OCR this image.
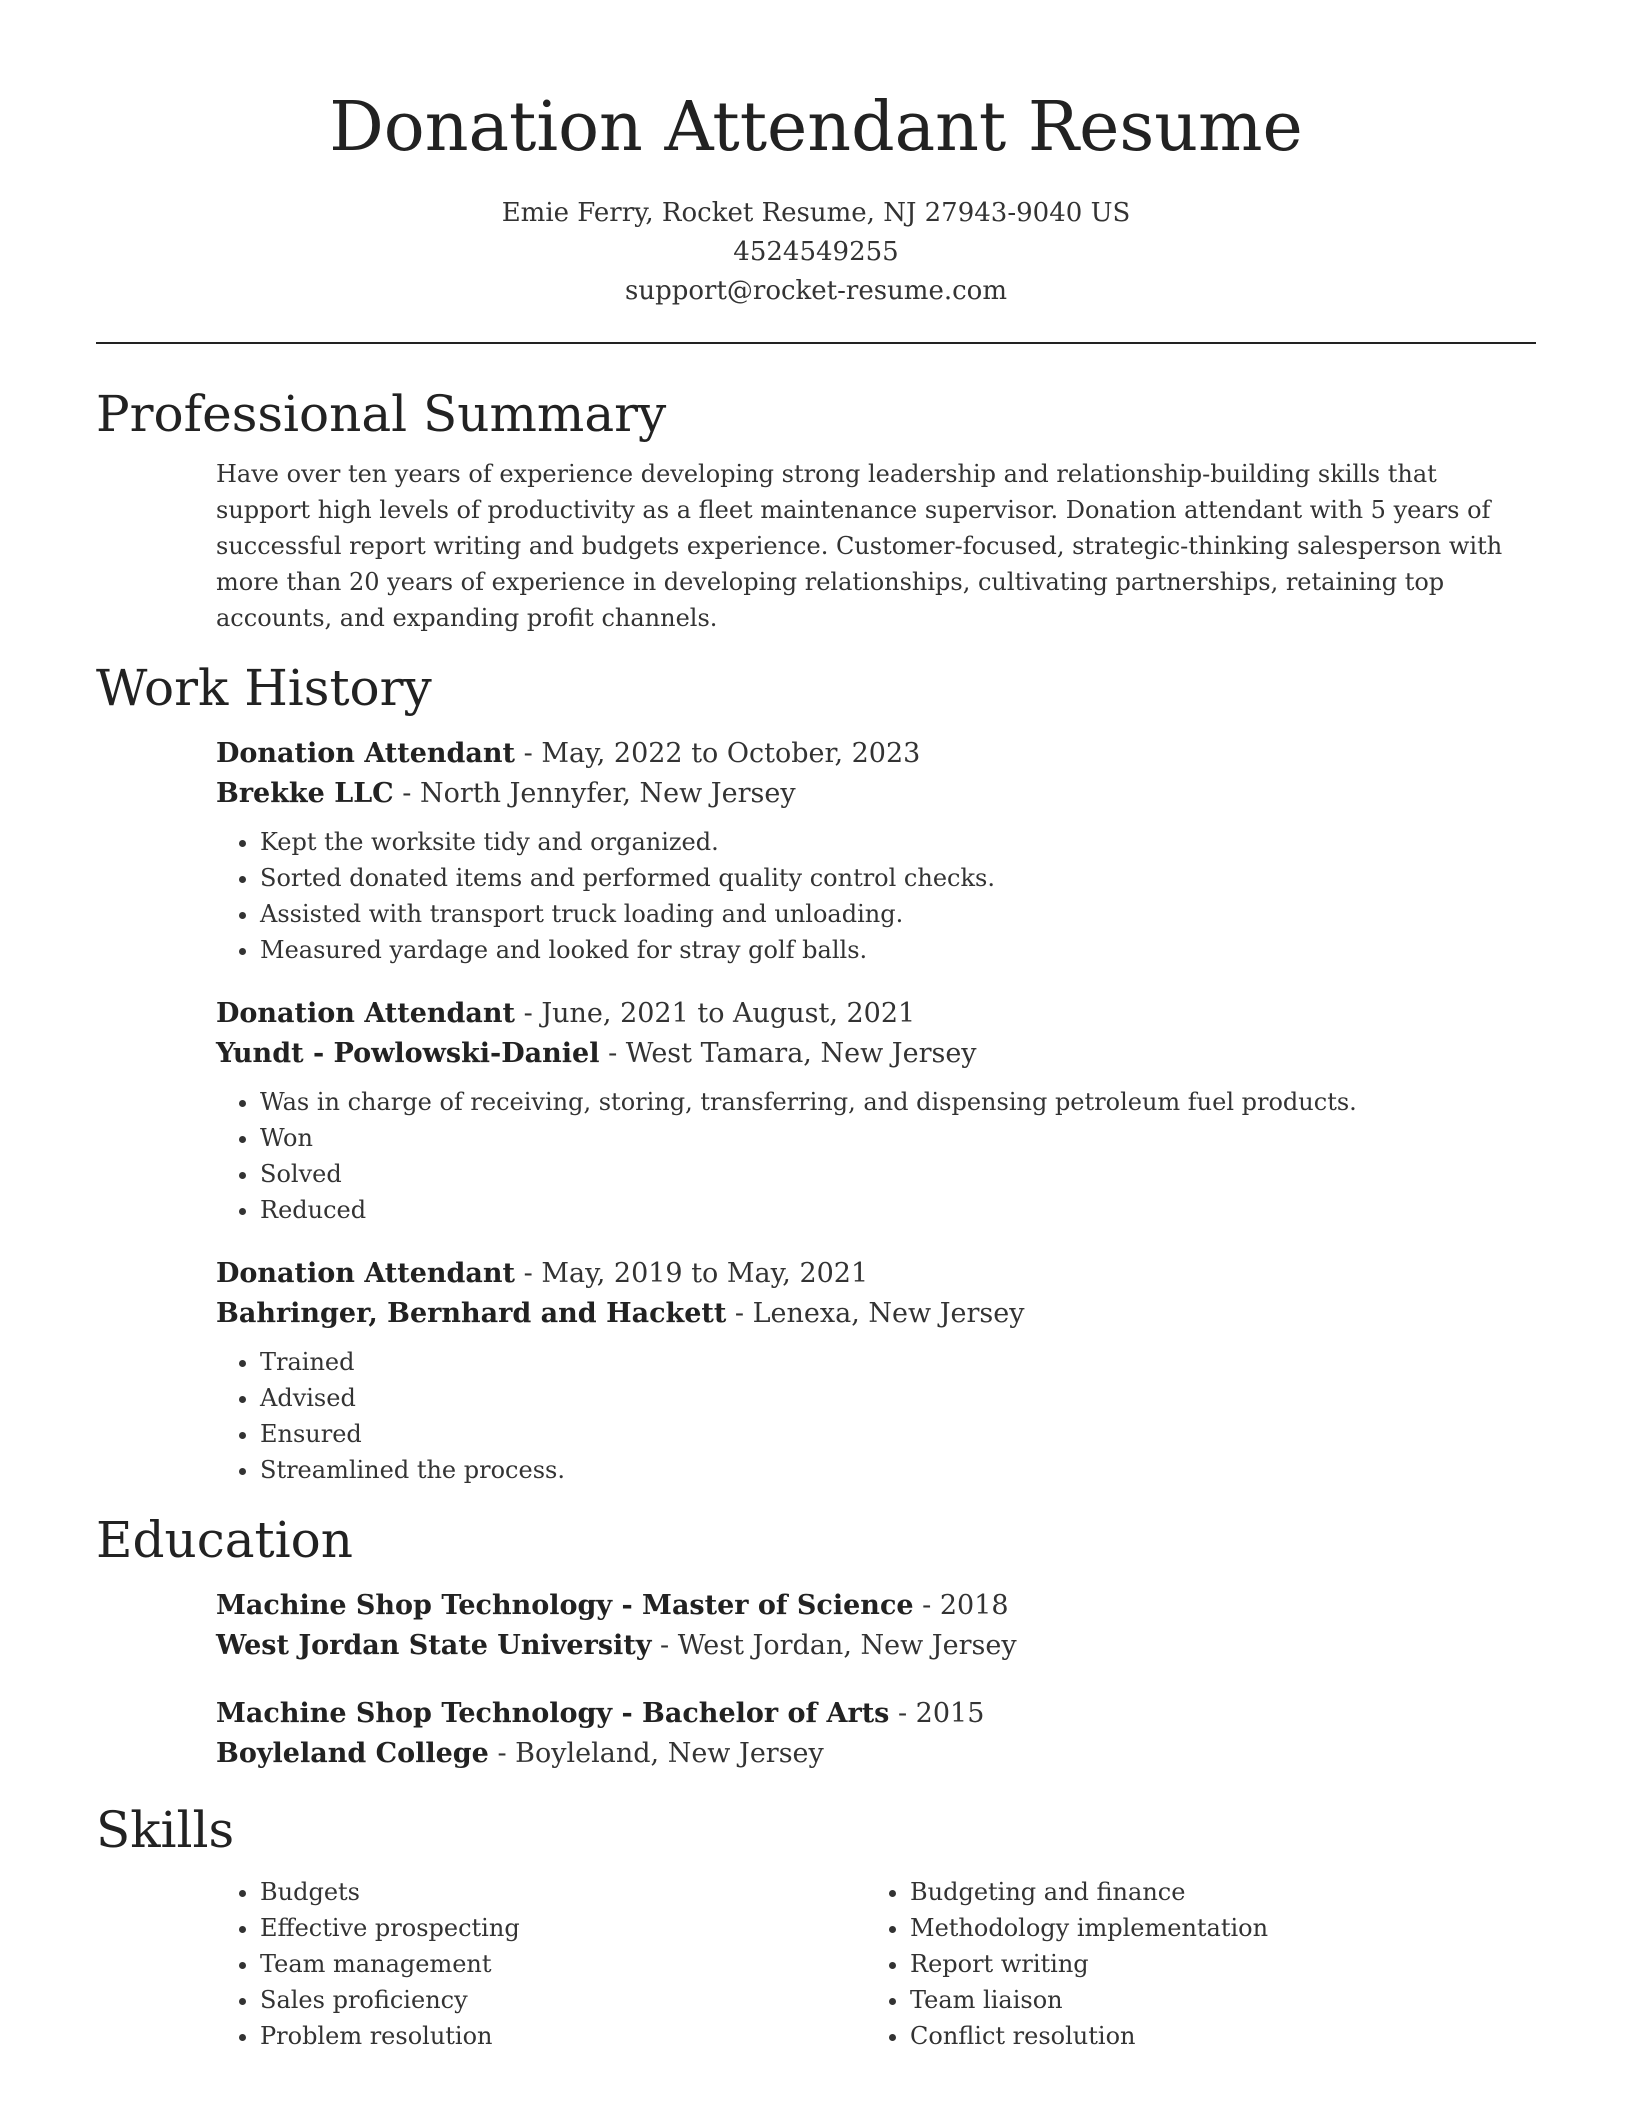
Donation Attendant Resume
Emie Ferry, Rocket Resume, NJ 27943-9040 US
4524549255
support@rocket-resume.com
Professional Summary

Have over ten years of experience developing strong leadership and relationship-building skills that support high levels of productivity as a fleet maintenance supervisor. Donation attendant with 5 years of successful report writing and budgets experience. Customer-focused, strategic-thinking salesperson with more than 20 years of experience in developing relationships, cultivating partnerships, retaining top accounts, and expanding profit channels.

Work History
Donation Attendant - May, 2022 to October, 2023
Brekke LLC - North Jennyfer, New Jersey
• Kept the worksite tidy and organized.
• Sorted donated items and performed quality control checks.
• Assisted with transport truck loading and unloading.
• Measured yardage and looked for stray golf balls.
Donation Attendant - June, 2021 to August, 2021
Yundt - Powlowski-Daniel - West Tamara, New Jersey
• Was in charge of receiving, storing, transferring, and dispensing petroleum fuel products.
• Won
• Solved
• Reduced
Donation Attendant - May, 2019 to May, 2021
Bahringer, Bernhard and Hackett - Lenexa, New Jersey
• Trained
• Advised
• Ensured
• Streamlined the process.
Education
Machine Shop Technology - Master of Science - 2018
West Jordan State University - West Jordan, New Jersey
Machine Shop Technology - Bachelor of Arts - 2015
Boyleland College - Boyleland, New Jersey
Skills
• Budgets
• Effective prospecting
• Team management
• Sales proficiency
• Problem resolution
• Budgeting and finance
• Methodology implementation
• Report writing
• Team liaison
• Conflict resolution
